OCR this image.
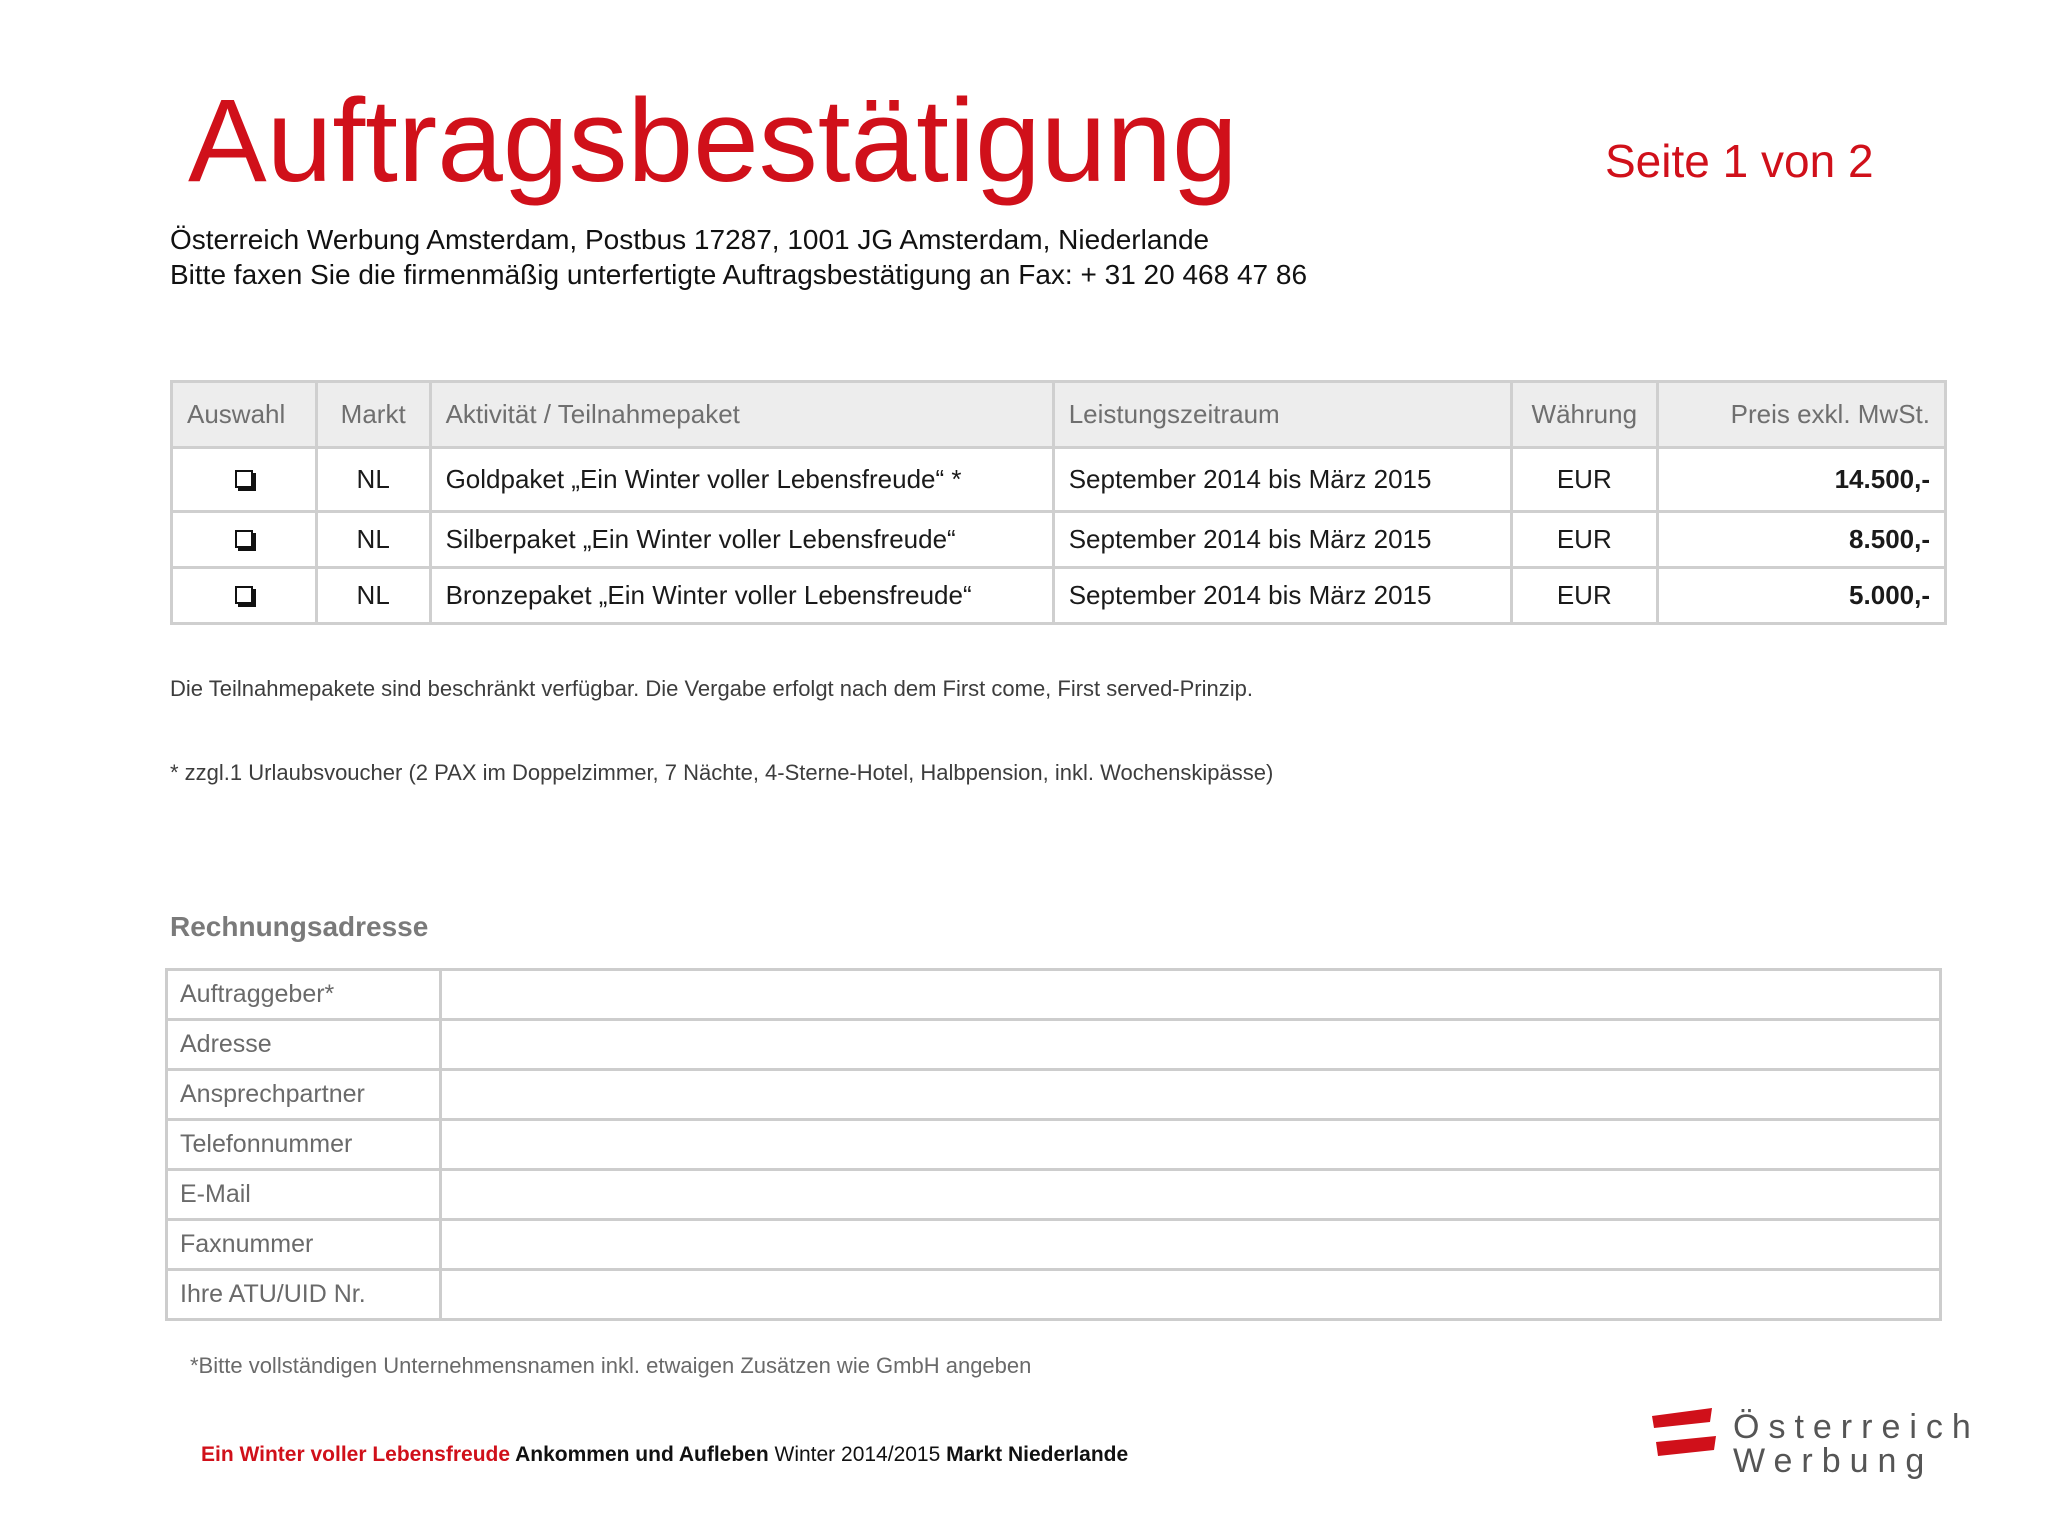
Auftragsbestätigung	Seite 1 von 2
Österreich Werbung Amsterdam, Postbus 17287, 1001 JG Amsterdam, Niederlande
Bitte faxen Sie die firmenmäßig unterfertigte Auftragsbestätigung an Fax: + 31 20 468 47 86
Auswahl	Markt	Aktivität / Teilnahmepaket	Leistungszeitraum	Währung	Preis exkl. MwSt.
	NL	Goldpaket „Ein Winter voller Lebensfreude“ *	September 2014 bis März 2015	EUR	14.500,-
	NL	Silberpaket „Ein Winter voller Lebensfreude“	September 2014 bis März 2015	EUR	8.500,-
	NL	Bronzepaket „Ein Winter voller Lebensfreude“	September 2014 bis März 2015	EUR	5.000,-
Die Teilnahmepakete sind beschränkt verfügbar. Die Vergabe erfolgt nach dem First come, First served-Prinzip.
* zzgl.1 Urlaubsvoucher (2 PAX im Doppelzimmer, 7 Nächte, 4-Sterne-Hotel, Halbpension, inkl. Wochenskipässe)
Rechnungsadresse
Auftraggeber*	
Adresse	
Ansprechpartner	
Telefonnummer	
E-Mail	
Faxnummer	
Ihre ATU/UID Nr.	
*Bitte vollständigen Unternehmensnamen inkl. etwaigen Zusätzen wie GmbH angeben
Ein Winter voller Lebensfreude Ankommen und Aufleben Winter 2014/2015 Markt Niederlande
Österreich
Werbung
